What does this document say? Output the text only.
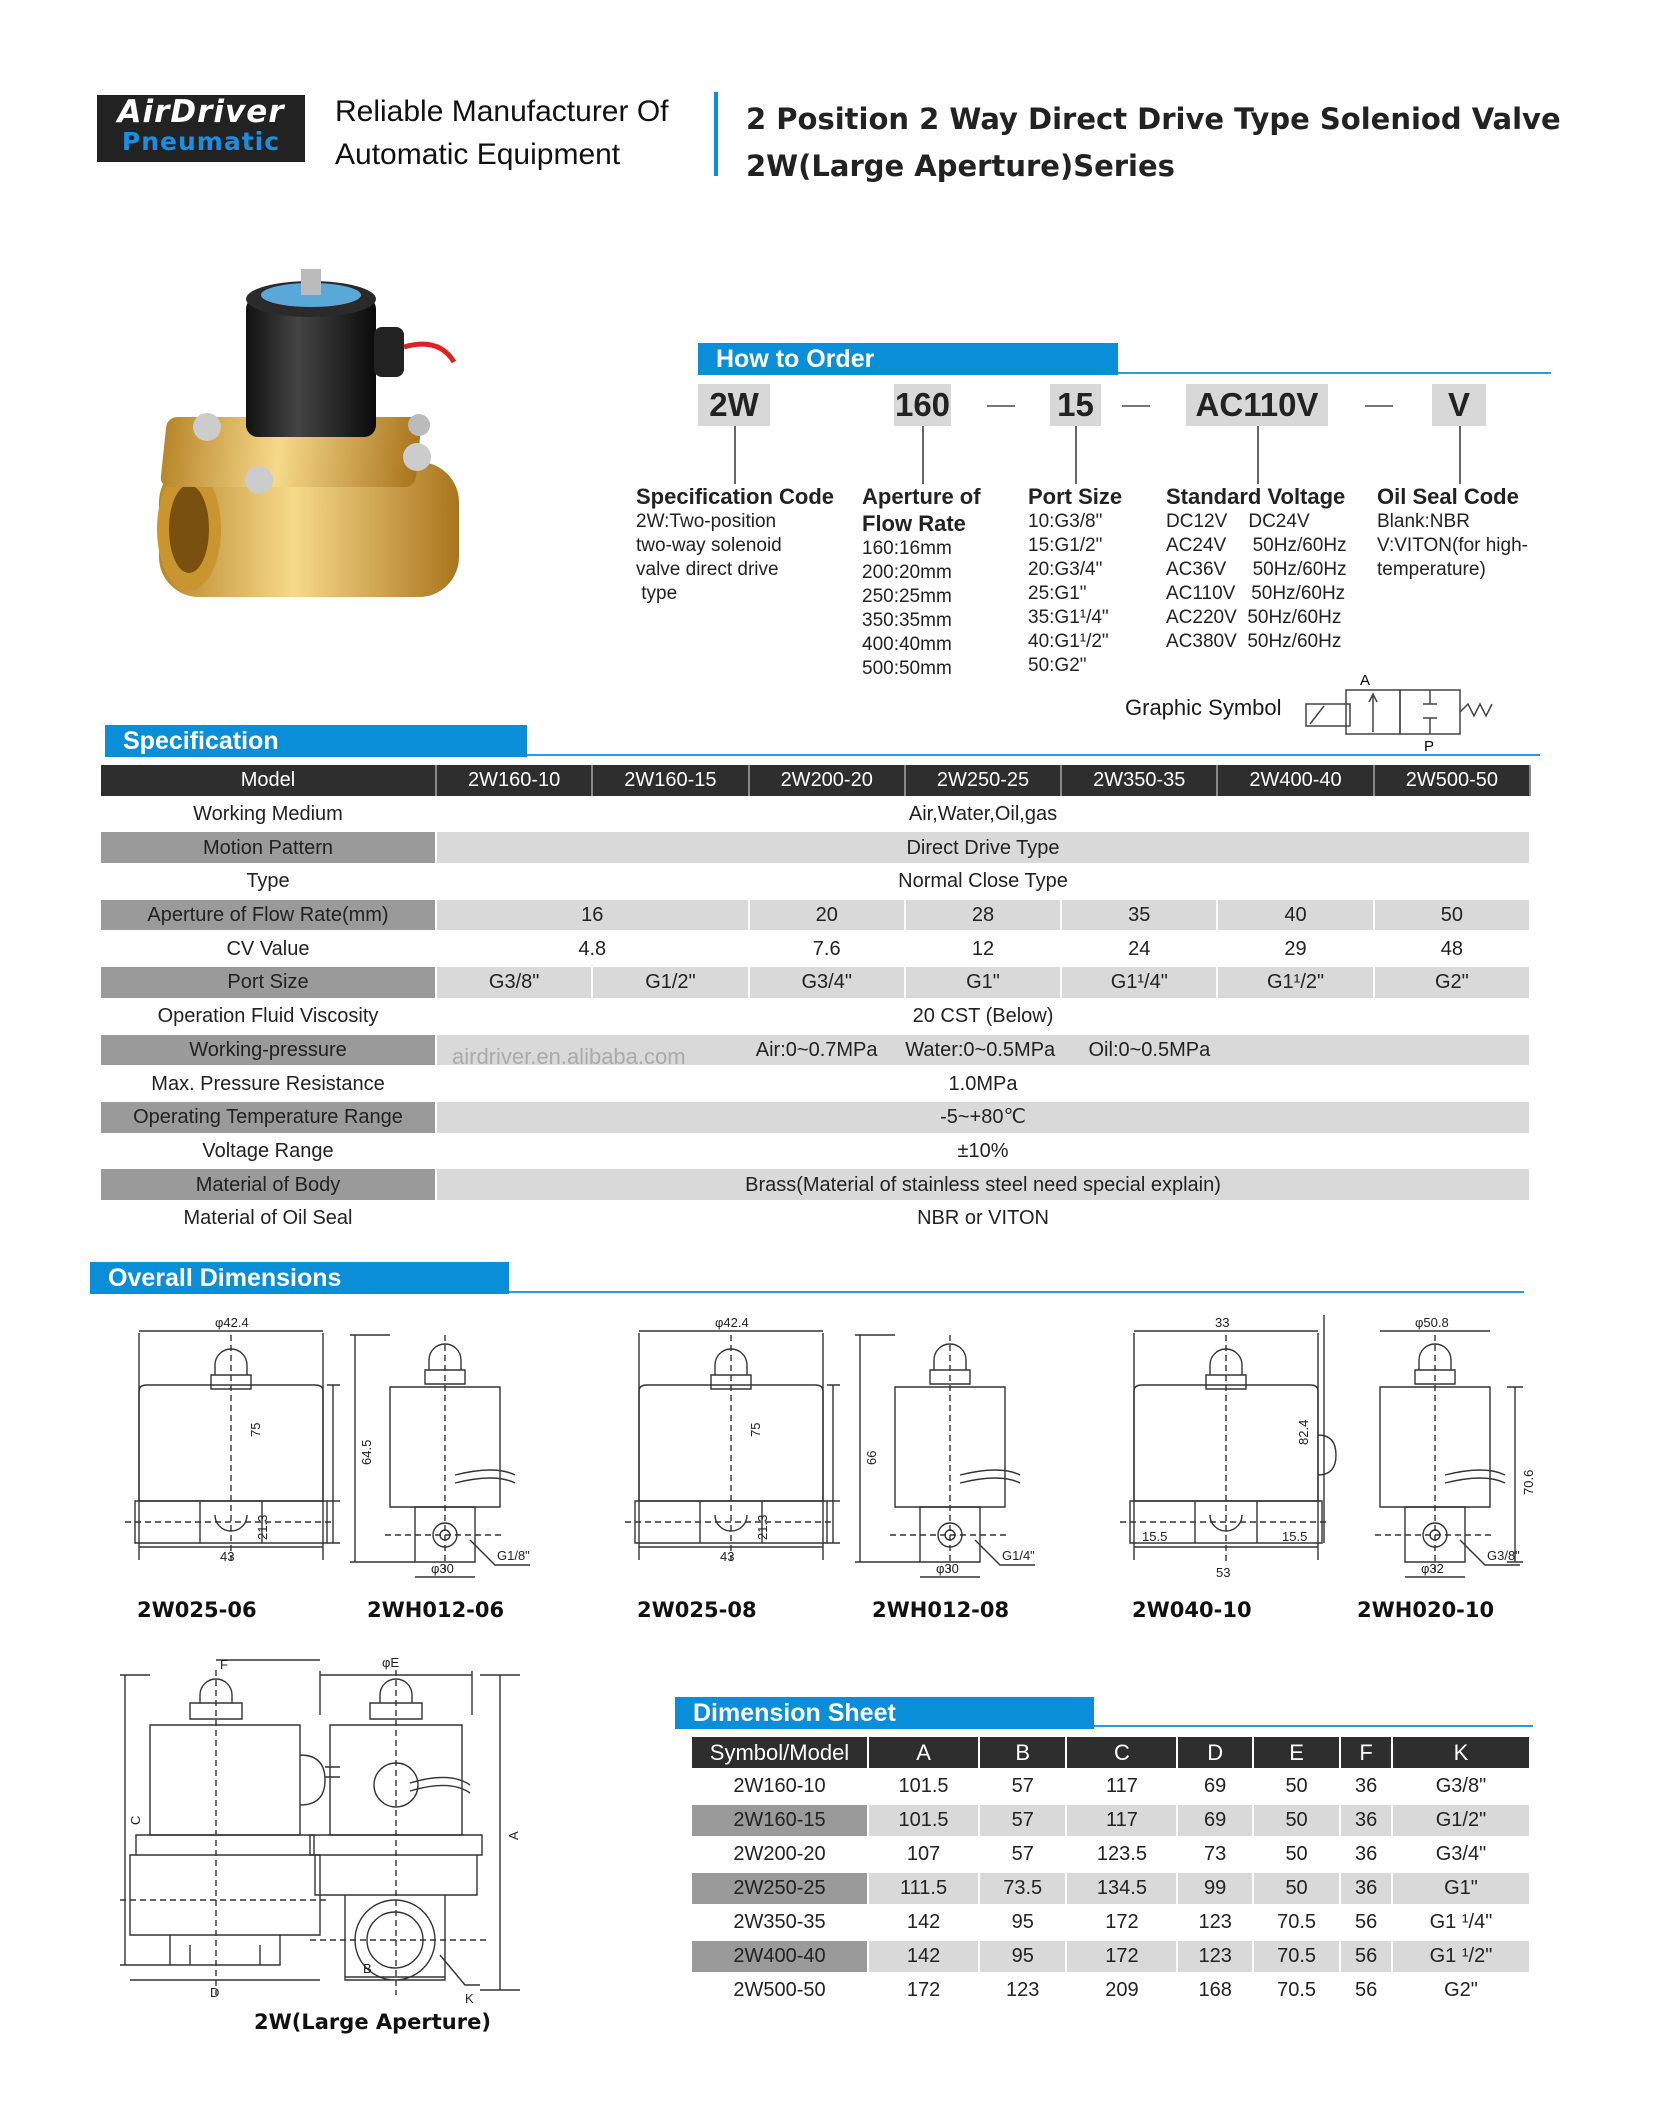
AirDriver
Pneumatic
Reliable Manufacturer Of
Automatic Equipment
2 Position 2 Way Direct Drive Type Soleniod Valve
2W(Large Aperture)Series
How to Order
2W	160	15	AC110V	V
Specification Code
2W:Two-position
two-way solenoid
valve direct drive
type
Aperture of
Flow Rate
160:16mm
200:20mm
250:25mm
350:35mm
400:40mm
500:50mm
Port Size
10:G3/8"
15:G1/2"
20:G3/4"
25:G1"
35:G1¹/4"
40:G1¹/2"
50:G2"
Standard Voltage
DC12V    DC24V
AC24V     50Hz/60Hz
AC36V     50Hz/60Hz
AC110V   50Hz/60Hz
AC220V  50Hz/60Hz
AC380V  50Hz/60Hz
Oil Seal Code
Blank:NBR
V:VITON(for high-
temperature)
Graphic Symbol
A
P
Specification
Model	2W160-10	2W160-15	2W200-20	2W250-25	2W350-35	2W400-40	2W500-50
Working Medium	Air,Water,Oil,gas						
Motion Pattern	Direct Drive Type						
Type	Normal Close Type						
Aperture of Flow Rate(mm)	16		20	28	35	40	50
CV Value	4.8		7.6	12	24	29	48
Port Size	G3/8"	G1/2"	G3/4"	G1"	G1¹/4"	G1¹/2"	G2"
Operation Fluid Viscosity	20 CST (Below)						
Working-pressure	Air:0~0.7MPa     Water:0~0.5MPa      Oil:0~0.5MPa						
Max. Pressure Resistance	1.0MPa						
Operating Temperature Range	-5~+80℃						
Voltage Range	±10%						
Material of Body	Brass(Material of stainless steel need special explain)						
Material of Oil Seal	NBR or VITON						
airdriver.en.alibaba.com
Overall Dimensions
φ42.4
75
21.3
43
2W025-06
64.5
G1/8"
φ30
2WH012-06
φ42.4
75
21.3
43
2W025-08
66
G1/4"
φ30
2WH012-08
33
82.4
15.5	15.5
53
2W040-10
φ50.8
70.6
G3/8"
φ32
2WH020-10
F
C
D
φE
A
B
K
2W(Large Aperture)
Dimension Sheet
Symbol/Model	A	B	C	D	E	F	K
2W160-10	101.5	57	117	69	50	36	G3/8"
2W160-15	101.5	57	117	69	50	36	G1/2"
2W200-20	107	57	123.5	73	50	36	G3/4"
2W250-25	111.5	73.5	134.5	99	50	36	G1"
2W350-35	142	95	172	123	70.5	56	G1 ¹/4"
2W400-40	142	95	172	123	70.5	56	G1 ¹/2"
2W500-50	172	123	209	168	70.5	56	G2"
